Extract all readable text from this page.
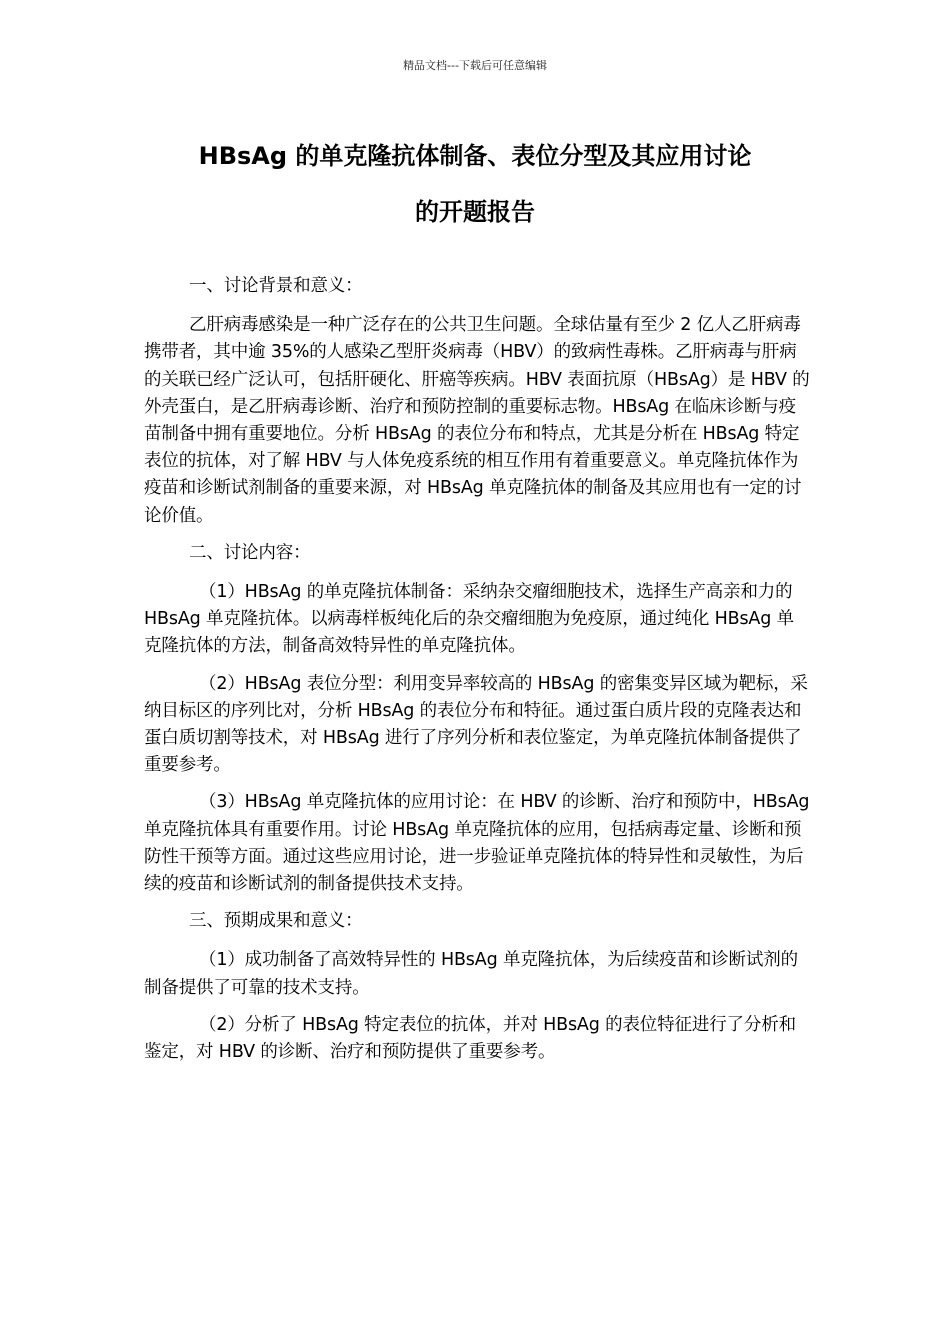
精品文档---下载后可任意编辑
HBsAg 的单克隆抗体制备、表位分型及其应用讨论
的开题报告

一、讨论背景和意义：

乙肝病毒感染是一种广泛存在的公共卫生问题。全球估量有至少 2 亿人乙肝病毒携带者，其中逾 35%的人感染乙型肝炎病毒（HBV）的致病性毒株。乙肝病毒与肝病的关联已经广泛认可，包括肝硬化、肝癌等疾病。HBV 表面抗原（HBsAg）是 HBV 的外壳蛋白，是乙肝病毒诊断、治疗和预防控制的重要标志物。HBsAg 在临床诊断与疫苗制备中拥有重要地位。分析 HBsAg 的表位分布和特点，尤其是分析在 HBsAg 特定表位的抗体，对了解 HBV 与人体免疫系统的相互作用有着重要意义。单克隆抗体作为疫苗和诊断试剂制备的重要来源，对 HBsAg 单克隆抗体的制备及其应用也有一定的讨论价值。

二、讨论内容：

（1）HBsAg 的单克隆抗体制备：采纳杂交瘤细胞技术，选择生产高亲和力的 HBsAg 单克隆抗体。以病毒样板纯化后的杂交瘤细胞为免疫原，通过纯化 HBsAg 单克隆抗体的方法，制备高效特异性的单克隆抗体。

（2）HBsAg 表位分型：利用变异率较高的 HBsAg 的密集变异区域为靶标，采纳目标区的序列比对，分析 HBsAg 的表位分布和特征。通过蛋白质片段的克隆表达和蛋白质切割等技术，对 HBsAg 进行了序列分析和表位鉴定，为单克隆抗体制备提供了重要参考。

（3）HBsAg 单克隆抗体的应用讨论：在 HBV 的诊断、治疗和预防中，HBsAg 单克隆抗体具有重要作用。讨论 HBsAg 单克隆抗体的应用，包括病毒定量、诊断和预防性干预等方面。通过这些应用讨论，进一步验证单克隆抗体的特异性和灵敏性，为后续的疫苗和诊断试剂的制备提供技术支持。

三、预期成果和意义：

（1）成功制备了高效特异性的 HBsAg 单克隆抗体，为后续疫苗和诊断试剂的制备提供了可靠的技术支持。

（2）分析了 HBsAg 特定表位的抗体，并对 HBsAg 的表位特征进行了分析和鉴定，对 HBV 的诊断、治疗和预防提供了重要参考。
